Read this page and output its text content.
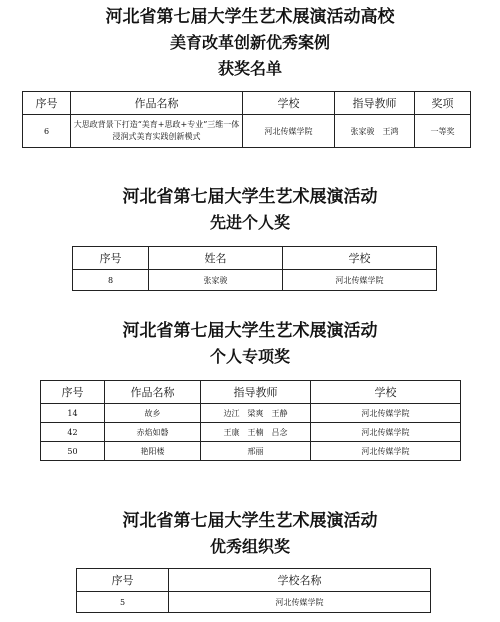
河北省第七届大学生艺术展演活动高校
美育改革创新优秀案例
获奖名单
序号	作品名称	学校	指导教师	奖项
6	大思政背景下打造“美育+思政+专业”三维一体浸润式美育实践创新模式	河北传媒学院	张家骏　王鸿	一等奖
河北省第七届大学生艺术展演活动
先进个人奖
序号	姓名	学校
8	张家骏	河北传媒学院
河北省第七届大学生艺术展演活动
个人专项奖
序号	作品名称	指导教师	学校
14	故乡	边江　梁爽　王静	河北传媒学院
42	赤焰如磐	王康　王楠　吕念	河北传媒学院
50	艳阳楼	邢丽	河北传媒学院
河北省第七届大学生艺术展演活动
优秀组织奖
序号	学校名称
5	河北传媒学院
